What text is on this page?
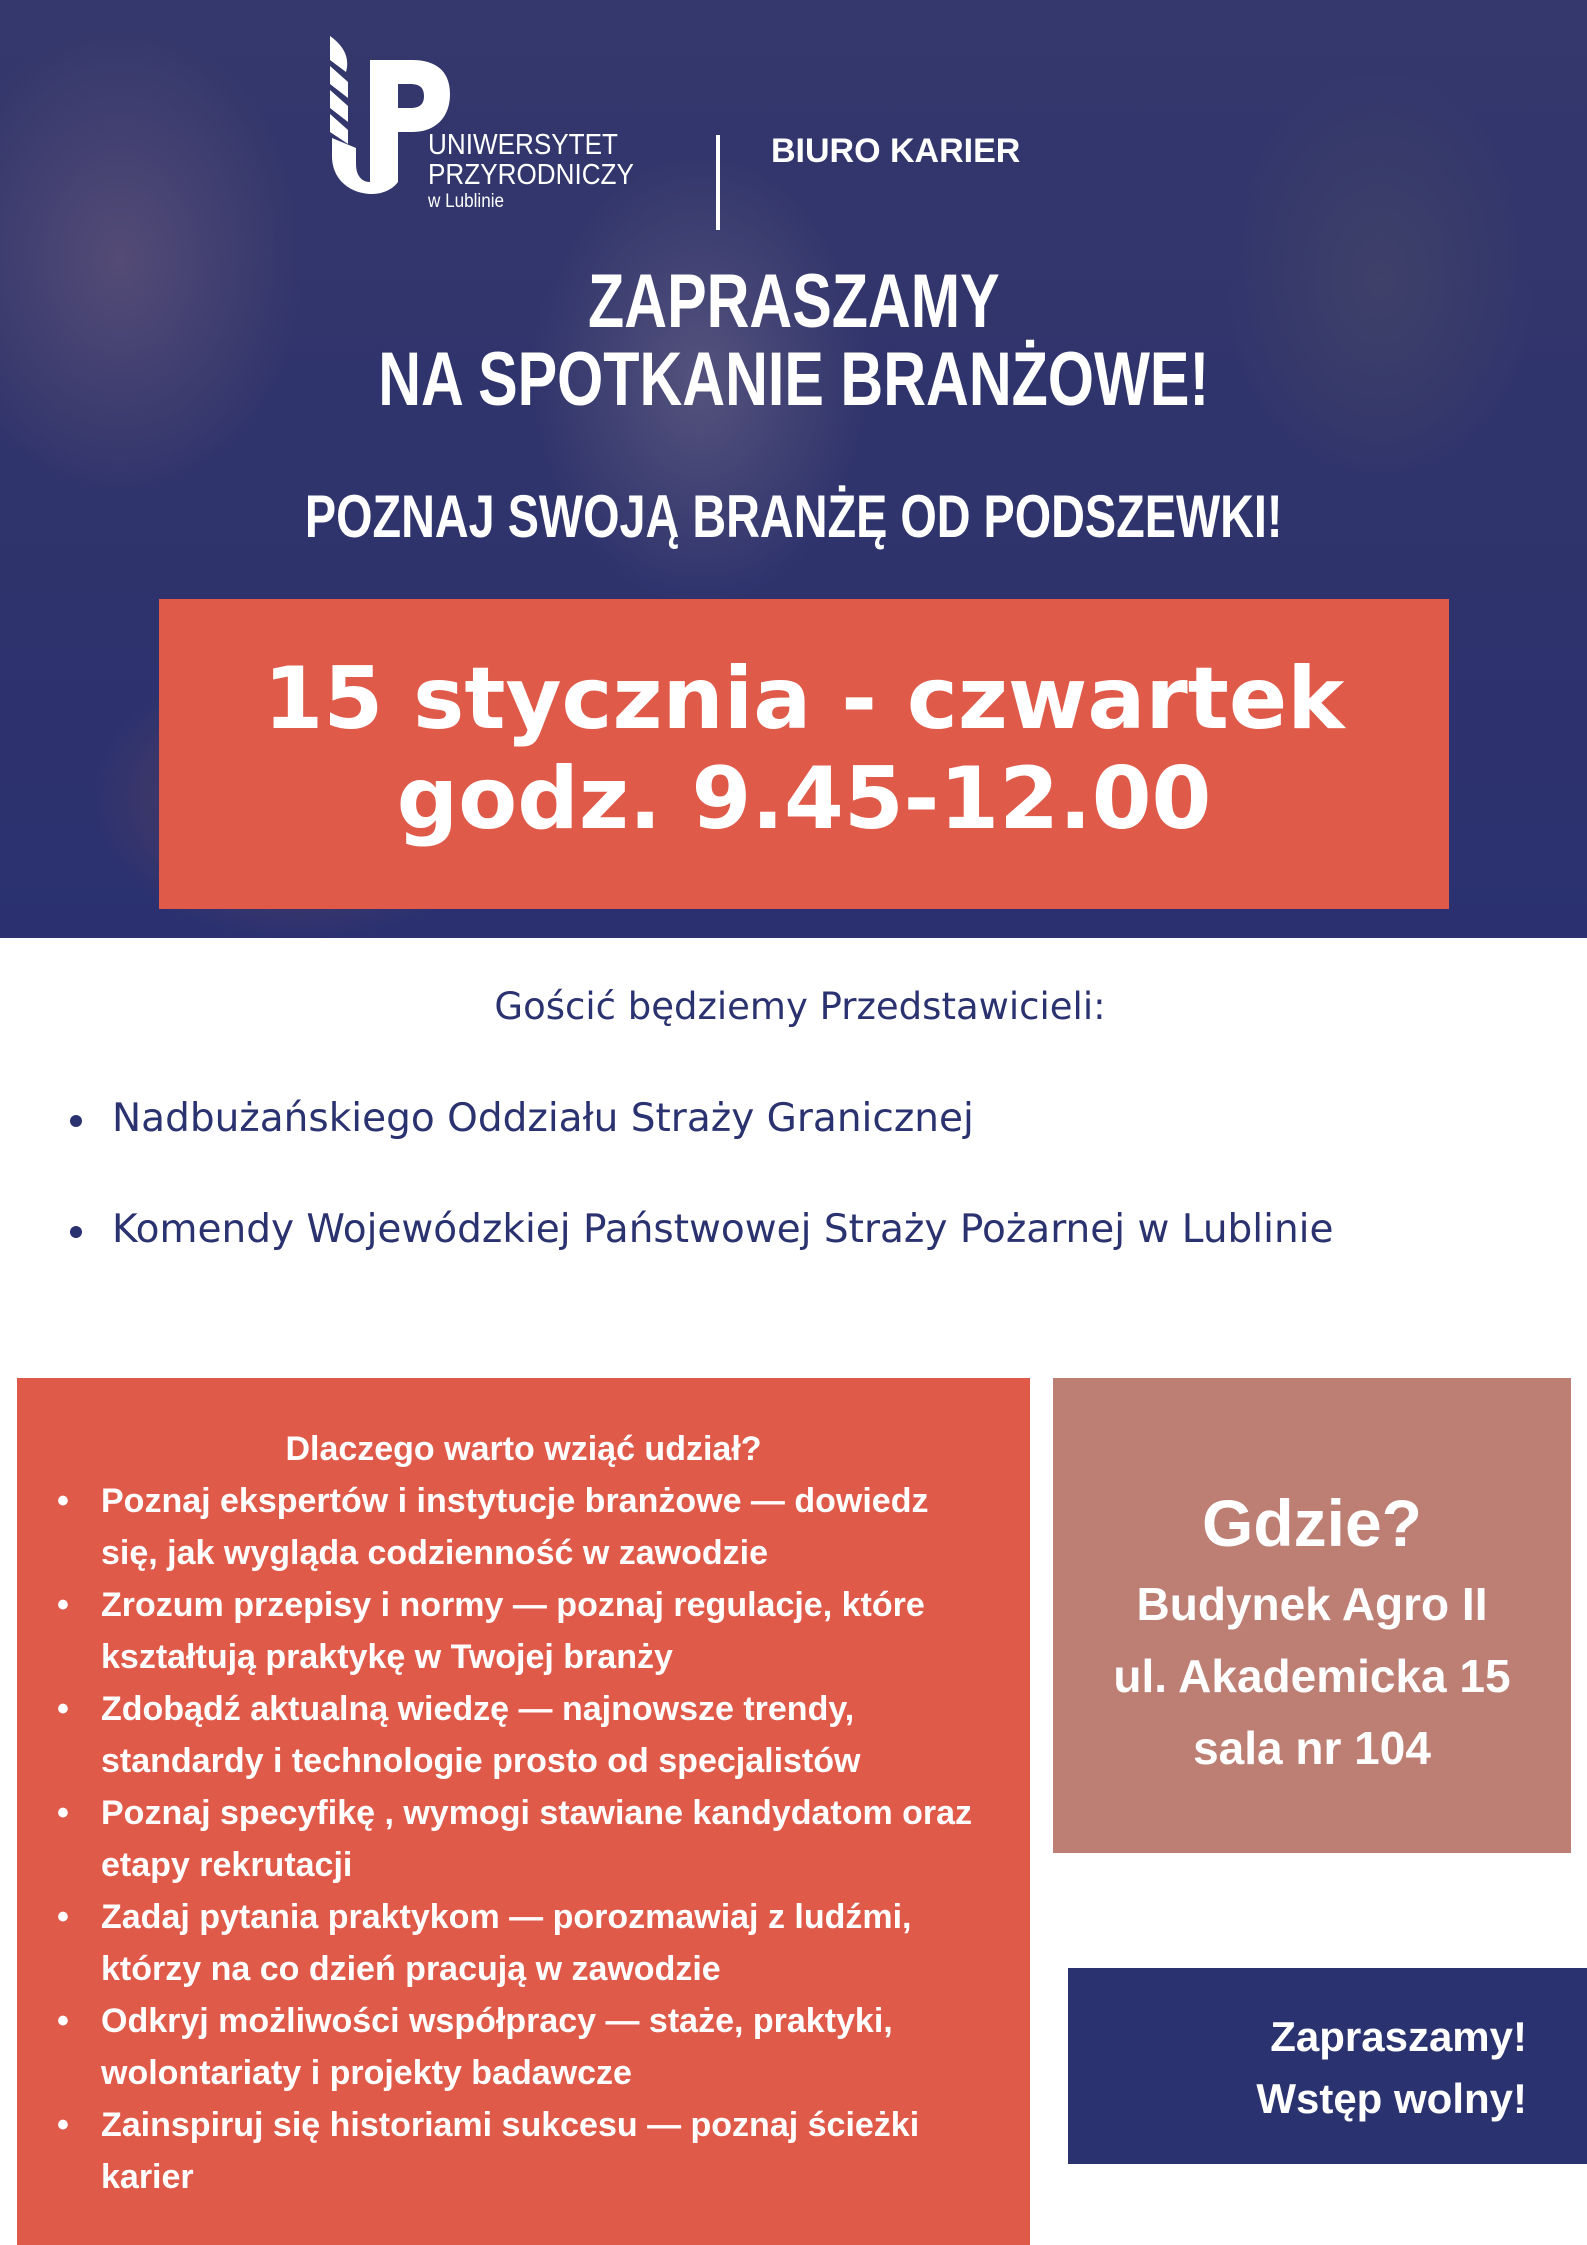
UNIWERSYTET
PRZYRODNICZY
w Lublinie
BIURO KARIER
ZAPRASZAMY
NA SPOTKANIE BRANŻOWE!
POZNAJ SWOJĄ BRANŻĘ OD PODSZEWKI!
15 stycznia - czwartek
godz. 9.45-12.00
Gościć będziemy Przedstawicieli:
Nadbużańskiego Oddziału Straży Granicznej
Komendy Wojewódzkiej Państwowej Straży Pożarnej w Lublinie
Dlaczego warto wziąć udział?
• Poznaj ekspertów i instytucje branżowe — dowiedz się, jak wygląda codzienność w zawodzie
• Zrozum przepisy i normy — poznaj regulacje, które kształtują praktykę w Twojej branży
• Zdobądź aktualną wiedzę — najnowsze trendy, standardy i technologie prosto od specjalistów
• Poznaj specyfikę , wymogi stawiane kandydatom oraz etapy rekrutacji
• Zadaj pytania praktykom — porozmawiaj z ludźmi, którzy na co dzień pracują w zawodzie
• Odkryj możliwości współpracy — staże, praktyki, wolontariaty i projekty badawcze
• Zainspiruj się historiami sukcesu — poznaj ścieżki karier
Gdzie?
Budynek Agro II
ul. Akademicka 15
sala nr 104
Zapraszamy!
Wstęp wolny!
